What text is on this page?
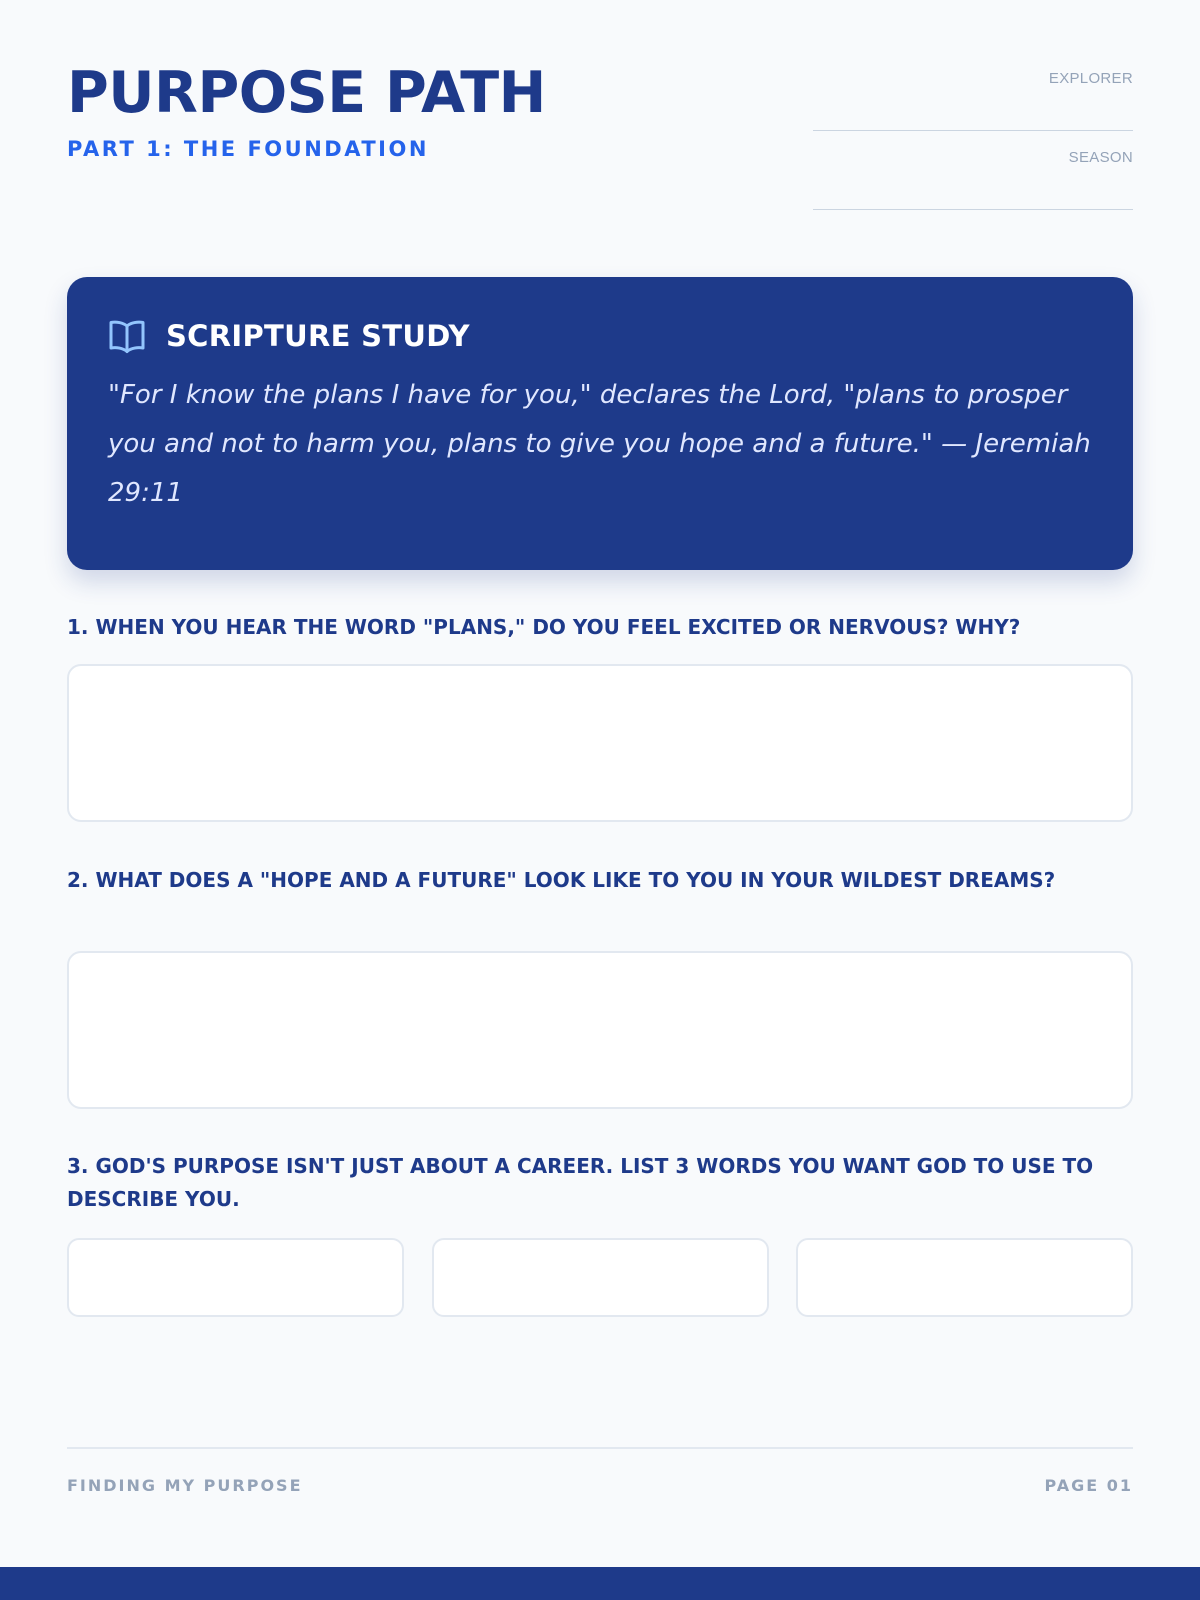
PURPOSE PATH
PART 1: THE FOUNDATION
EXPLORER
SEASON
SCRIPTURE STUDY
"For I know the plans I have for you," declares the Lord, "plans to prosper you and not to harm you, plans to give you hope and a future." — Jeremiah 29:11
1. WHEN YOU HEAR THE WORD "PLANS," DO YOU FEEL EXCITED OR NERVOUS? WHY?
2. WHAT DOES A "HOPE AND A FUTURE" LOOK LIKE TO YOU IN YOUR WILDEST DREAMS?
3. GOD'S PURPOSE ISN'T JUST ABOUT A CAREER. LIST 3 WORDS YOU WANT GOD TO USE TO DESCRIBE YOU.
FINDING MY PURPOSE	PAGE 01
